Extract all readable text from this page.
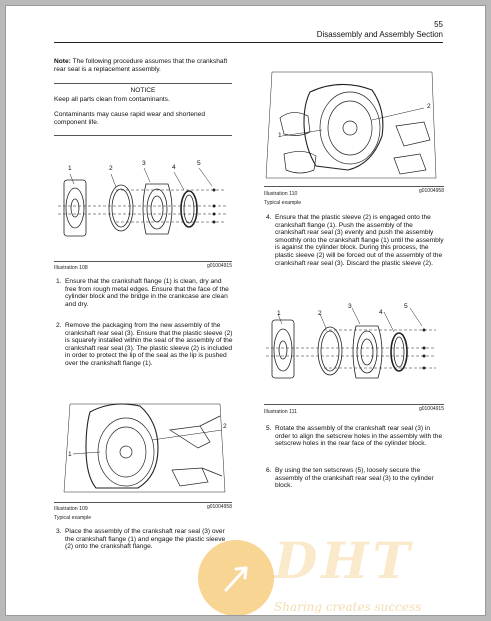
55
Disassembly and Assembly Section
Note: The following procedure assumes that the crankshaft rear seal is a replacement assembly.
NOTICE
Keep all parts clean from contaminants.
Contaminants may cause rapid wear and shortened component life.
1	2
3
4
5
Illustration 108	g01004915
1. Ensure that the crankshaft flange (1) is clean, dry and free from rough metal edges. Ensure that the face of the cylinder block and the bridge in the crankcase are clean and dry.
2. Remove the packaging from the new assembly of the crankshaft rear seal (3). Ensure that the plastic sleeve (2) is squarely installed within the seal of the assembly of the crankshaft rear seal (3). The plastic sleeve (2) is included in order to protect the lip of the seal as the lip is pushed over the crankshaft flange (1).
1
2
Illustration 109	g01004958
Typical example
3. Place the assembly of the crankshaft rear seal (3) over the crankshaft flange (1) and engage the plastic sleeve (2) onto the crankshaft flange.
1
2
Illustration 110	g01004958
Typical example
4. Ensure that the plastic sleeve (2) is engaged onto the crankshaft flange (1). Push the assembly of the crankshaft rear seal (3) evenly and push the assembly smoothly onto the crankshaft flange (1) until the assembly is against the cylinder block. During this process, the plastic sleeve (2) will be forced out of the assembly of the crankshaft rear seal (3). Discard the plastic sleeve (2).
1	2
3
4
5
Illustration 111	g01004915
5. Rotate the assembly of the crankshaft rear seal (3) in order to align the setscrew holes in the assembly with the setscrew holes in the rear face of the cylinder block.
6. By using the ten setscrews (5), loosely secure the assembly of the crankshaft rear seal (3) to the cylinder block.
DHT
Sharing creates success
